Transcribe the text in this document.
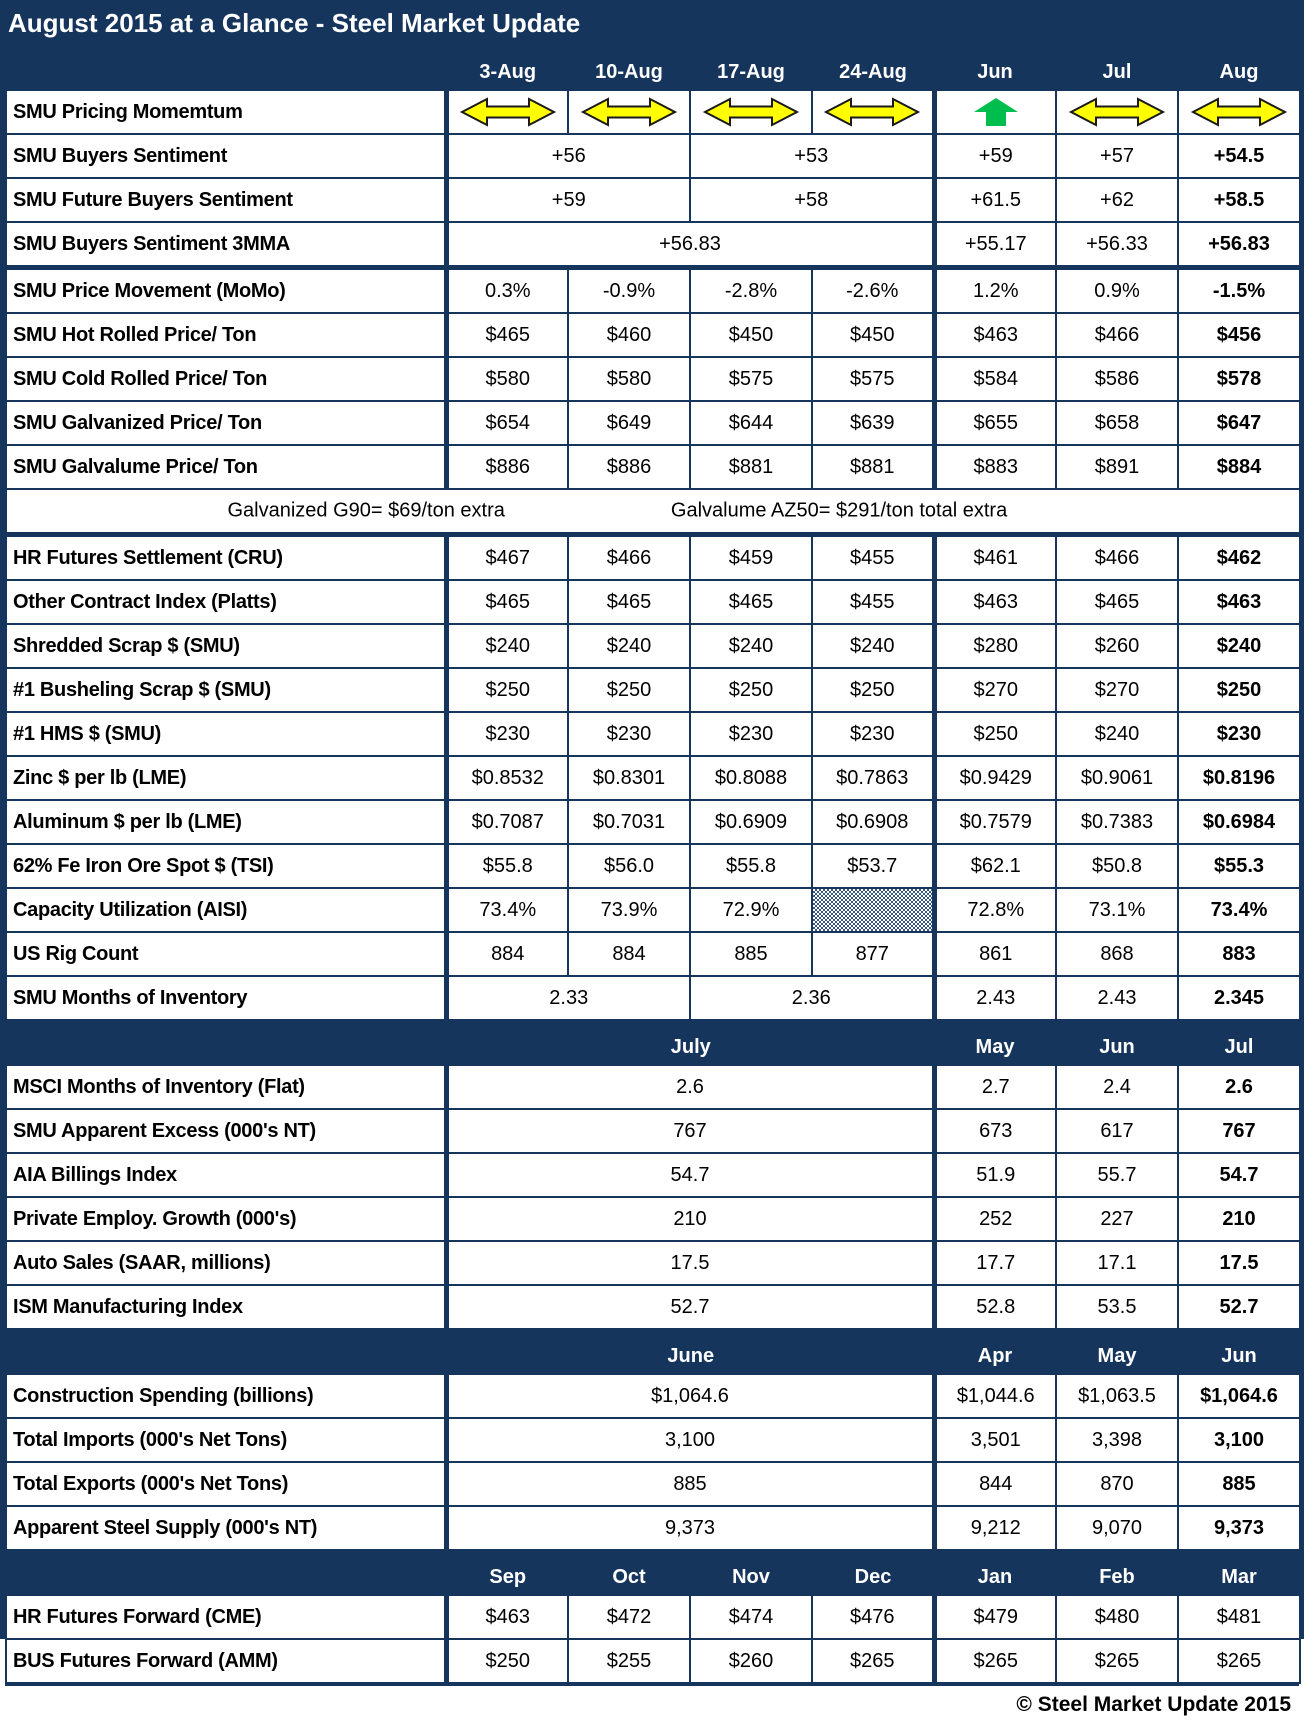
August 2015 at a Glance - Steel Market Update
	3-Aug	10-Aug	17-Aug	24-Aug	Jun	Jul	Aug
SMU Pricing Momemtum	

SMU Buyers Sentiment	+56		+53		+59	+57	+54.5
SMU Future Buyers Sentiment	+59		+58		+61.5	+62	+58.5
SMU Buyers Sentiment 3MMA	+56.83				+55.17	+56.33	+56.83
SMU Price Movement (MoMo)	0.3%	-0.9%	-2.8%	-2.6%	1.2%	0.9%	-1.5%
SMU Hot Rolled Price/ Ton	$465	$460	$450	$450	$463	$466	$456
SMU Cold Rolled Price/ Ton	$580	$580	$575	$575	$584	$586	$578
SMU Galvanized Price/ Ton	$654	$649	$644	$639	$655	$658	$647
SMU Galvalume Price/ Ton	$886	$886	$881	$881	$883	$891	$884

Galvanized G90= $69/ton extra Galvalume AZ50= $291/ton total extra							

HR Futures Settlement (CRU)	$467	$466	$459	$455	$461	$466	$462
Other Contract Index (Platts)	$465	$465	$465	$455	$463	$465	$463
Shredded Scrap $ (SMU)	$240	$240	$240	$240	$280	$260	$240
#1 Busheling Scrap $ (SMU)	$250	$250	$250	$250	$270	$270	$250
#1 HMS $ (SMU)	$230	$230	$230	$230	$250	$240	$230
Zinc $ per lb (LME)	$0.8532	$0.8301	$0.8088	$0.7863	$0.9429	$0.9061	$0.8196
Aluminum $ per lb (LME)	$0.7087	$0.7031	$0.6909	$0.6908	$0.7579	$0.7383	$0.6984
62% Fe Iron Ore Spot $ (TSI)	$55.8	$56.0	$55.8	$53.7	$62.1	$50.8	$55.3
Capacity Utilization (AISI)	73.4%	73.9%	72.9%		72.8%	73.1%	73.4%
US Rig Count	884	884	885	877	861	868	883
SMU Months of Inventory	2.33		2.36		2.43	2.43	2.345
	July				May	Jun	Jul
MSCI Months of Inventory (Flat)	2.6				2.7	2.4	2.6
SMU Apparent Excess (000's NT)	767				673	617	767
AIA Billings Index	54.7				51.9	55.7	54.7
Private Employ. Growth (000's)	210				252	227	210
Auto Sales (SAAR, millions)	17.5				17.7	17.1	17.5
ISM Manufacturing Index	52.7				52.8	53.5	52.7
	June				Apr	May	Jun
Construction Spending (billions)	$1,064.6				$1,044.6	$1,063.5	$1,064.6
Total Imports (000's Net Tons)	3,100				3,501	3,398	3,100
Total Exports (000's Net Tons)	885				844	870	885
Apparent Steel Supply (000's NT)	9,373				9,212	9,070	9,373
	Sep	Oct	Nov	Dec	Jan	Feb	Mar
HR Futures Forward (CME)	$463	$472	$474	$476	$479	$480	$481
BUS Futures Forward (AMM)	$250	$255	$260	$265	$265	$265	$265
© Steel Market Update 2015
